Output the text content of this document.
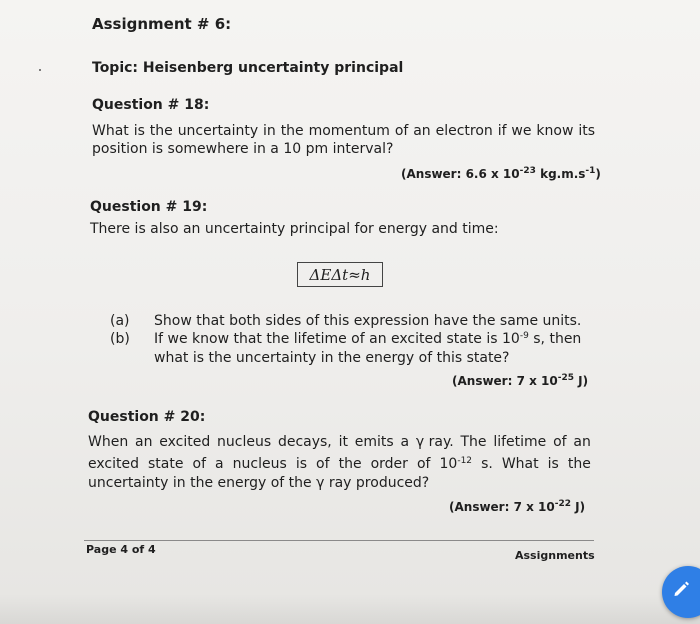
Assignment # 6:
Topic: Heisenberg uncertainty principal
Question # 18:
What is the uncertainty in the momentum of an electron if we know its
position is somewhere in a 10 pm interval?
(Answer: 6.6 x $10^{-23}$ $kg.m.s^{-1}$)
Question # 19:
There is also an uncertainty principal for energy and time:
ΔEΔt ≈ h
(a) Show that both sides of this expression have the same units.
(b) If we know that the lifetime of an excited state is $10^{-9}$ s, then
what is the uncertainty in the energy of this state?
(Answer: 7 x $10^{-25}$ J)
Question # 20:
When an excited nucleus decays, it emits a γ ray. The lifetime of an
excited state of a nucleus is of the order of $10^{-12}$ s. What is the
uncertainty in the energy of the γ ray produced?
(Answer: 7 x $10^{-22}$ J)
Page 4 of 4	Assignments
